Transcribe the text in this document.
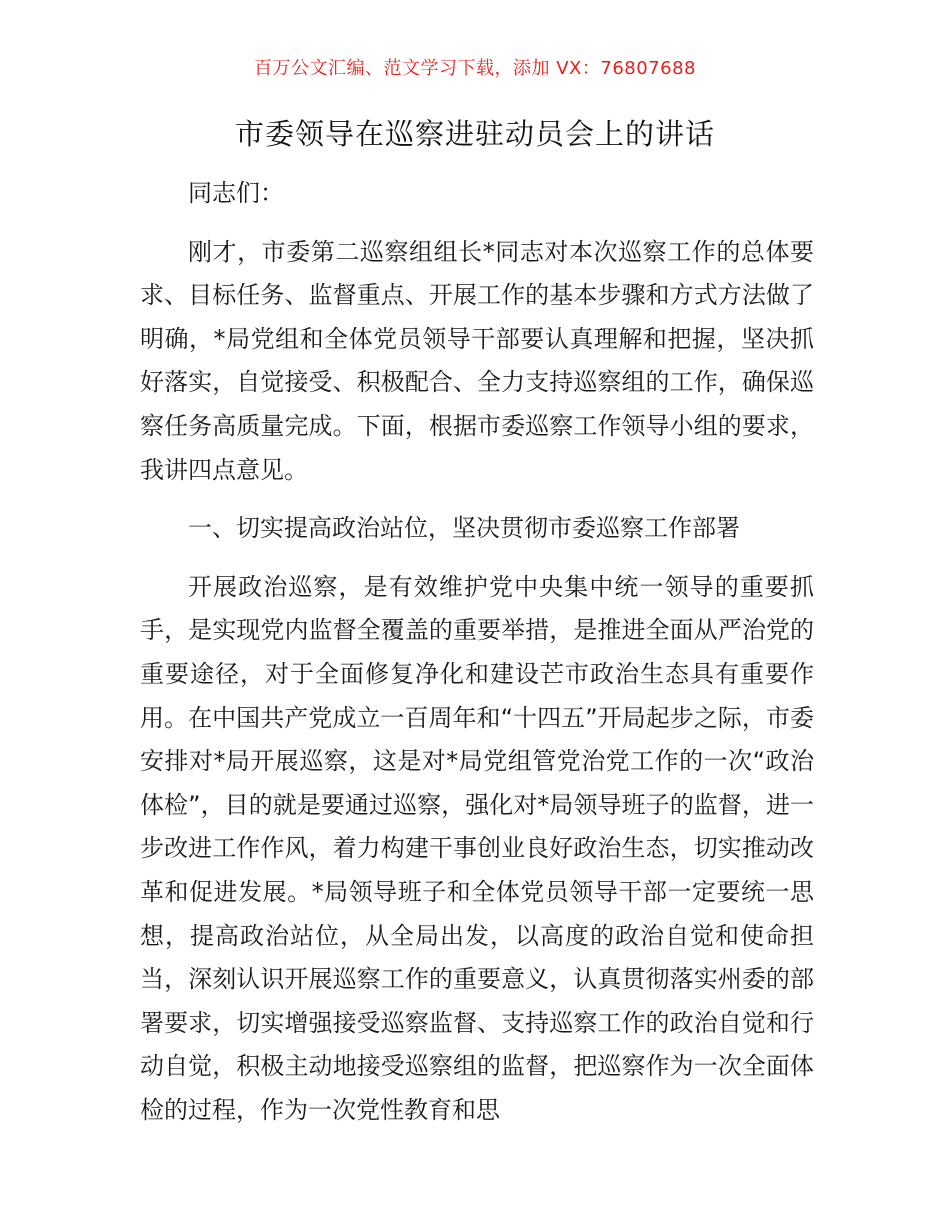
百万公文汇编、范文学习下载，添加 VX：76807688
市委领导在巡察进驻动员会上的讲话

同志们：

刚才，市委第二巡察组组长*同志对本次巡察工作的总体要求、目标任务、监督重点、开展工作的基本步骤和方式方法做了明确，*局党组和全体党员领导干部要认真理解和把握，坚决抓好落实，自觉接受、积极配合、全力支持巡察组的工作，确保巡察任务高质量完成。下面，根据市委巡察工作领导小组的要求，我讲四点意见。

一、切实提高政治站位，坚决贯彻市委巡察工作部署

开展政治巡察，是有效维护党中央集中统一领导的重要抓手，是实现党内监督全覆盖的重要举措，是推进全面从严治党的重要途径，对于全面修复净化和建设芒市政治生态具有重要作用。在中国共产党成立一百周年和“十四五”开局起步之际，市委安排对*局开展巡察，这是对*局党组管党治党工作的一次“政治体检”，目的就是要通过巡察，强化对*局领导班子的监督，进一步改进工作作风，着力构建干事创业良好政治生态，切实推动改革和促进发展。*局领导班子和全体党员领导干部一定要统一思想，提高政治站位，从全局出发，以高度的政治自觉和使命担当，深刻认识开展巡察工作的重要意义，认真贯彻落实州委的部署要求，切实增强接受巡察监督、支持巡察工作的政治自觉和行动自觉，积极主动地接受巡察组的监督，把巡察作为一次全面体检的过程，作为一次党性教育和思
